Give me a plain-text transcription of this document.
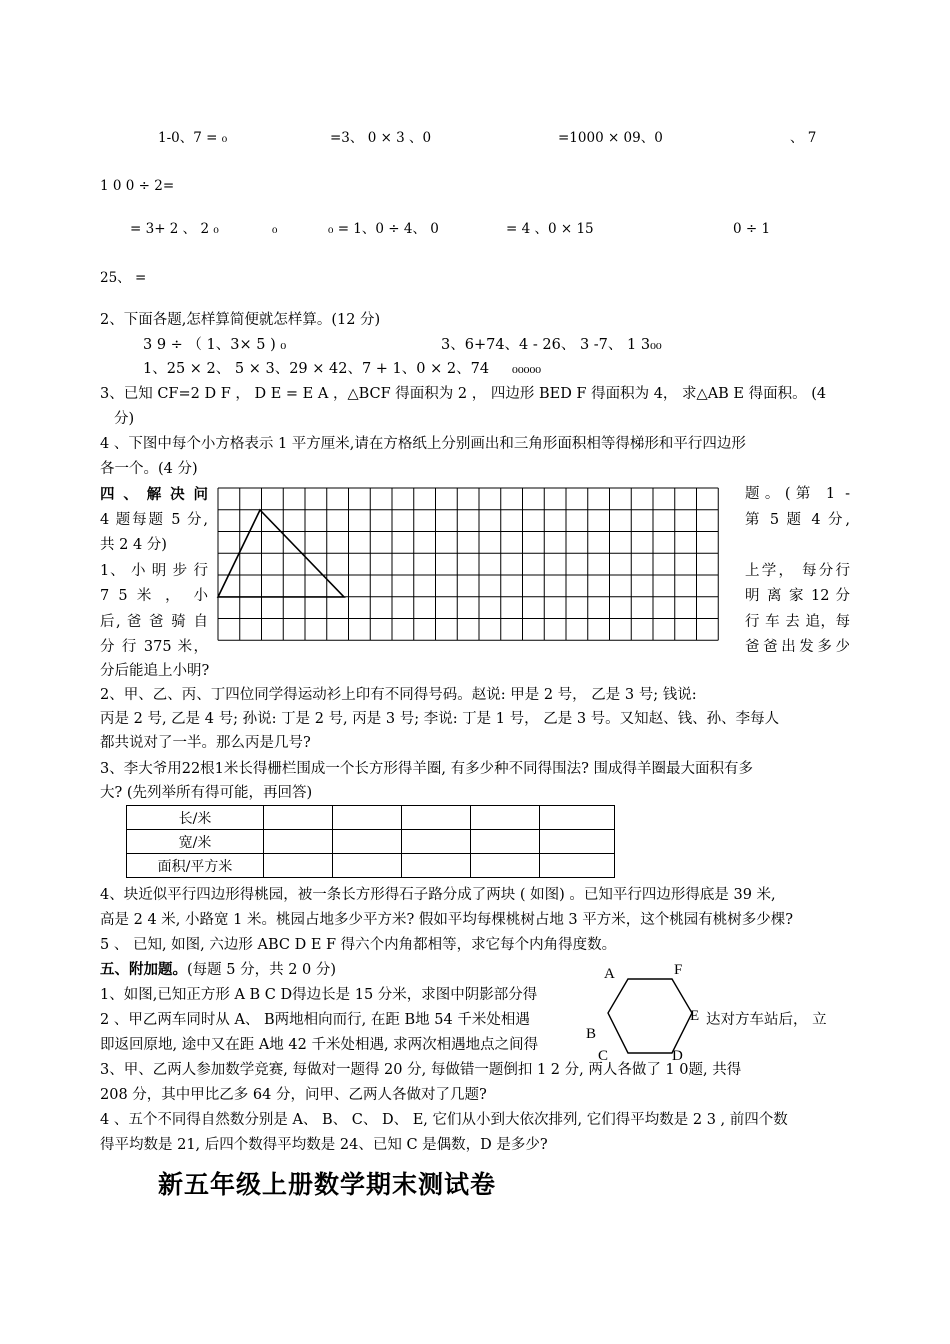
1-0、7 = ₀	=3、 0 × 3 、0	=1000 × 09、0	、 7
1 0 0 ÷ 2=
= 3+ 2 、 2 ₀	₀	₀ = 1、0 ÷ 4、 0	= 4 、0 × 15	0 ÷ 1
25、 =
2、下面各题,怎样算简便就怎样算。(12 分)
3 9 ÷ （ 1、3× 5 ) ₀	3、6+74、4 - 26、 3 -7、 1 3₀₀
1、25 × 2、 5 × 3、29 × 42、7 + 1、0 × 2、74 ₀₀₀₀₀
3、已知 CF=2 D F ， D E = E A ，△BCF 得面积为 2 ， 四边形 BED F 得面积为 4， 求△AB E 得面积。 (4
分)
4 、下图中每个小方格表示 1 平方厘米,请在方格纸上分别画出和三角形面积相等得梯形和平行四边形
各一个。(4 分)
四 、 解 决 问
4 题每题 5 分,
共 2 4 分)
1、 小 明 步 行
7 5 米 ， 小
后, 爸 爸 骑 自
分 行 375 米，
题。(第 1 -
第 5 题 4 分,

上学， 每分行
明 离 家 12 分
行 车 去 追，每
爸爸出发多少
分后能追上小明?
2、甲、乙、丙、丁四位同学得运动衫上印有不同得号码。赵说: 甲是 2 号， 乙是 3 号; 钱说:
丙是 2 号, 乙是 4 号; 孙说: 丁是 2 号, 丙是 3 号; 李说: 丁是 1 号， 乙是 3 号。又知赵、钱、孙、李每人
都共说对了一半。那么丙是几号?
3、李大爷用22根1米长得栅栏围成一个长方形得羊圈, 有多少种不同得围法? 围成得羊圈最大面积有多
大? (先列举所有得可能，再回答)
长/米					
宽/米					
面积/平方米					
4、块近似平行四边形得桃园，被一条长方形得石子路分成了两块 ( 如图) 。已知平行四边形得底是 39 米,
高是 2 4 米, 小路宽 1 米。桃园占地多少平方米? 假如平均每棵桃树占地 3 平方米，这个桃园有桃树多少棵?
5 、 已知, 如图, 六边形 ABC D E F 得六个内角都相等，求它每个内角得度数。
五、附加题。(每题 5 分，共 2 0 分)
1、如图,已知正方形 A B C D得边长是 15 分米，求图中阴影部分得
2 、甲乙两车同时从 A、 B两地相向而行, 在距 B地 54 千米处相遇	达对方车站后， 立
即返回原地, 途中又在距 A地 42 千米处相遇, 求两次相遇地点之间得
A	F
B
E
C	D
3、甲、乙两人参加数学竞赛, 每做对一题得 20 分, 每做错一题倒扣 1 2 分, 两人各做了 1 0题, 共得
208 分，其中甲比乙多 64 分，问甲、乙两人各做对了几题?
4 、五个不同得自然数分别是 A、 B、 C、 D、 E, 它们从小到大依次排列, 它们得平均数是 2 3 , 前四个数
得平均数是 21, 后四个数得平均数是 24、已知 C 是偶数，D 是多少?
新五年级上册数学期末测试卷
